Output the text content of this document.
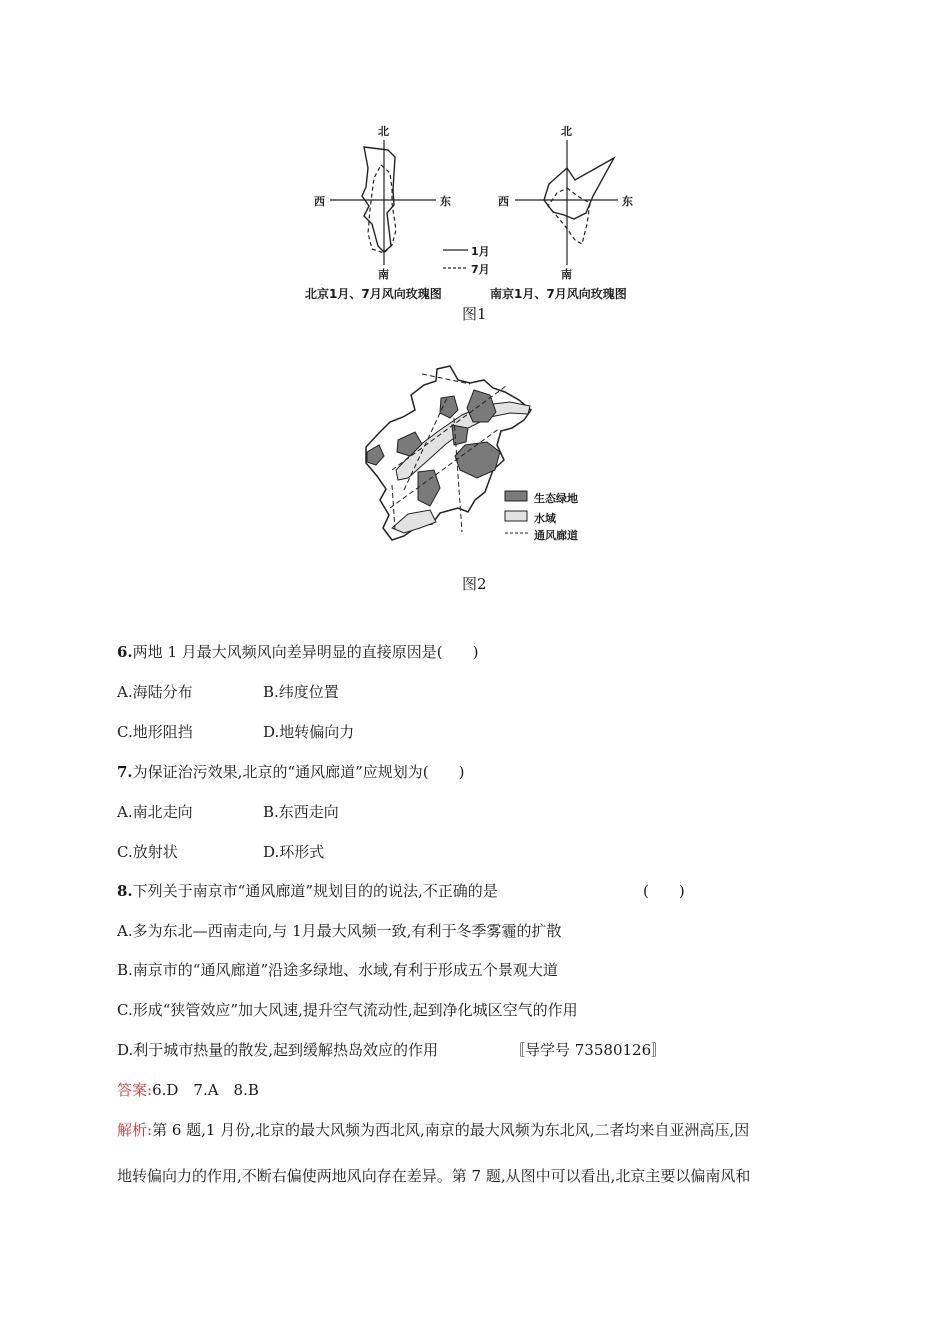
北
南
西	东
北
南
西	东
1月
7月
北京1月、7月风向玫瑰图	南京1月、7月风向玫瑰图
图1
生态绿地
水域
通风廊道
图2
6.两地 1 月最大风频风向差异明显的直接原因是(　　)
A.海陆分布	B.纬度位置
C.地形阻挡	D.地转偏向力
7.为保证治污效果,北京的“通风廊道”应规划为(　　)
A.南北走向	B.东西走向
C.放射状	D.环形式
8.下列关于南京市“通风廊道”规划目的的说法,不正确的是	(　　)
A.多为东北—西南走向,与 1月最大风频一致,有利于冬季雾霾的扩散
B.南京市的“通风廊道”沿途多绿地、水域,有利于形成五个景观大道
C.形成“狭管效应”加大风速,提升空气流动性,起到净化城区空气的作用
D.利于城市热量的散发,起到缓解热岛效应的作用	〚导学号 73580126〛
答案:6.D　7.A　8.B
解析:第 6 题,1 月份,北京的最大风频为西北风,南京的最大风频为东北风,二者均来自亚洲高压,因
地转偏向力的作用,不断右偏使两地风向存在差异。第 7 题,从图中可以看出,北京主要以偏南风和
